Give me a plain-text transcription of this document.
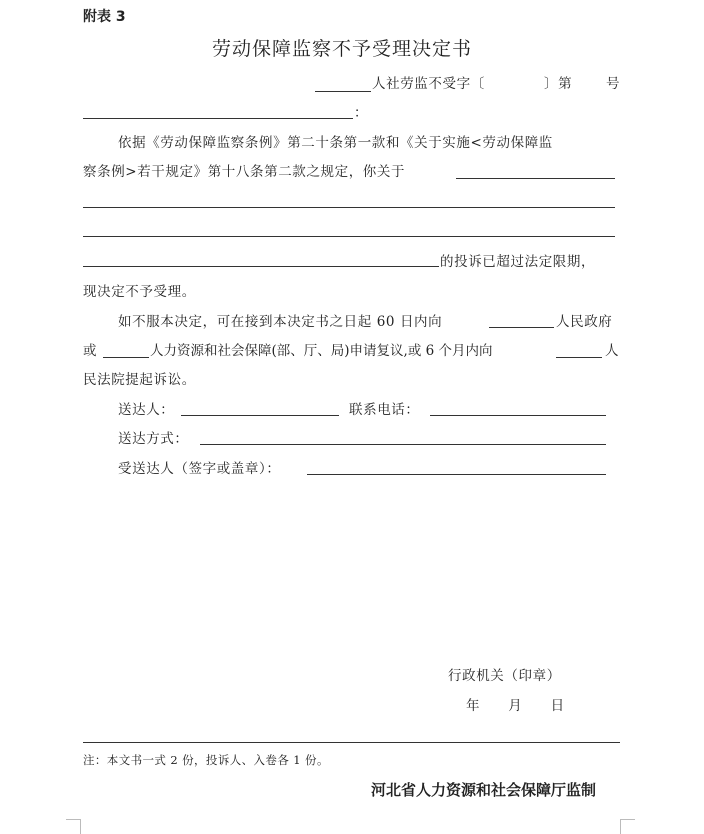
附表 3
劳动保障监察不予受理决定书
人社劳监不受字〔	〕第	号
：
依据《劳动保障监察条例》第二十条第一款和《关于实施<劳动保障监
察条例>若干规定》第十八条第二款之规定，你关于
的投诉已超过法定限期，
现决定不予受理。
如不服本决定，可在接到本决定书之日起 60 日内向	人民政府
或	人力资源和社会保障(部、厅、局)申请复议,或 6 个月内向	人
民法院提起诉讼。
送达人：	联系电话：
送达方式：
受送达人（签字或盖章）：
行政机关（印章）
年　　月　　日
注：本文书一式 2 份，投诉人、入卷各 1 份。
河北省人力资源和社会保障厅监制
